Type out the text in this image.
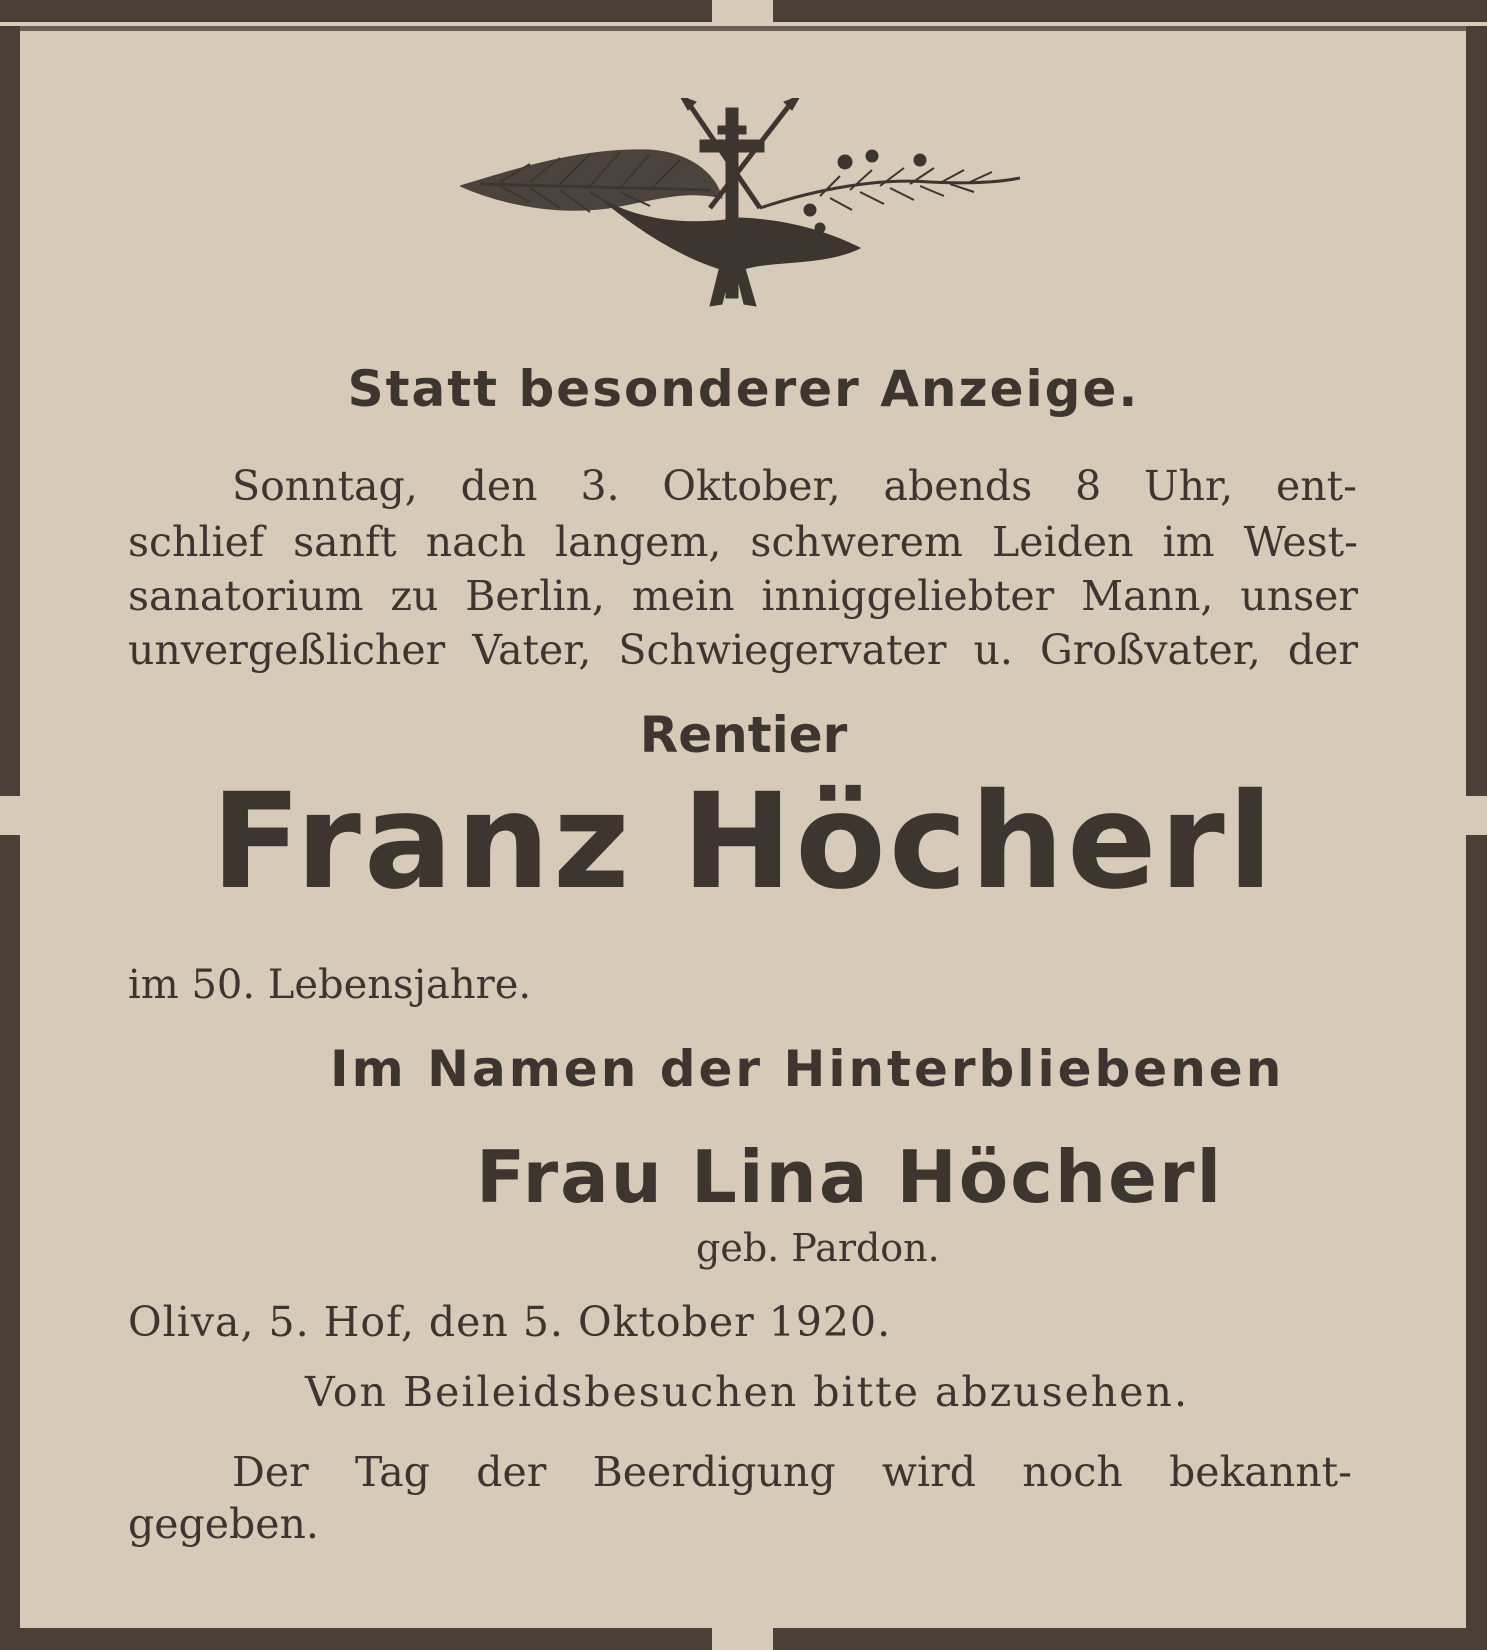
Statt besonderer Anzeige.

Sonntag, den 3. Oktober, abends 8 Uhr, ent-

schlief sanft nach langem, schwerem Leiden im West-

sanatorium zu Berlin, mein inniggeliebter Mann, unser

unvergeßlicher Vater, Schwiegervater u. Großvater, der

Rentier

Franz Höcherl

im 50. Lebensjahre.

Im Namen der Hinterbliebenen

Frau Lina Höcherl

geb. Pardon.

Oliva, 5. Hof, den 5. Oktober 1920.

Von Beileidsbesuchen bitte abzusehen.

Der Tag der Beerdigung wird noch bekannt-

gegeben.
